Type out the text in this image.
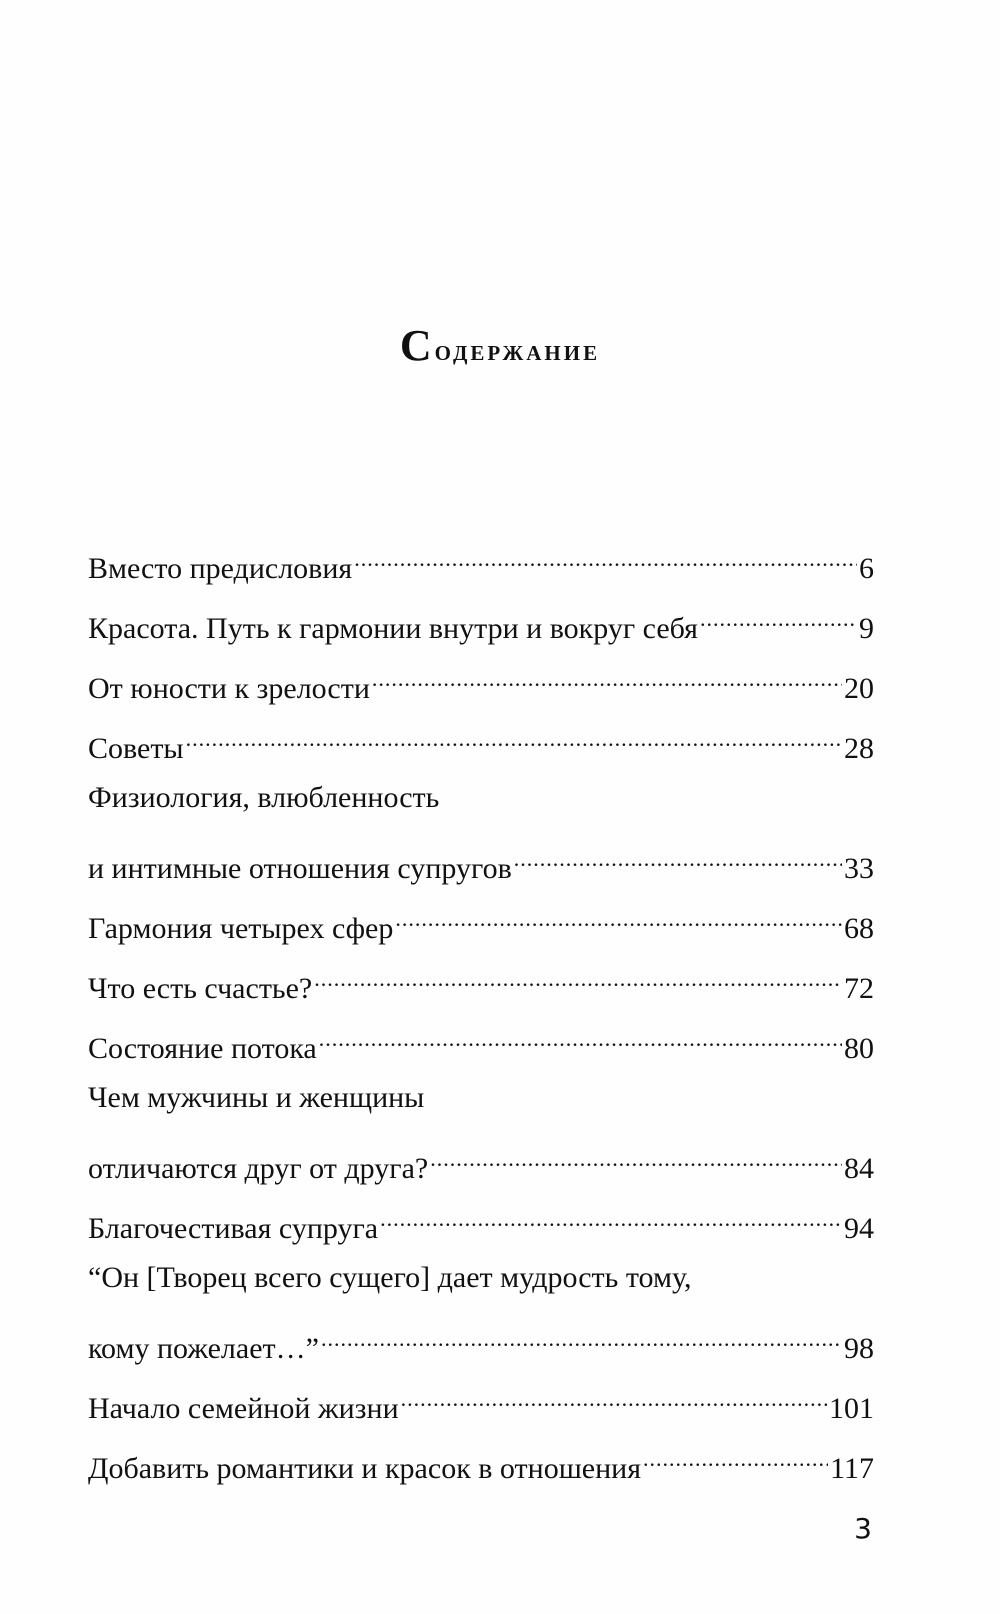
Содержание
Вместо предисловия .....	6
Красота. Путь к гармонии внутри и вокруг себя .....	9
От юности к зрелости .....	20
Советы .....	28
Физиология, влюбленность
и интимные отношения супругов .....	33
Гармония четырех сфер .....	68
Что есть счастье? .....	72
Состояние потока .....	80
Чем мужчины и женщины
отличаются друг от друга? .....	84
Благочестивая супруга .....	94
“Он [Творец всего сущего] дает мудрость тому,
кому пожелает…” .....	98
Начало семейной жизни .....	101
Добавить романтики и красок в отношения .....	117
3
